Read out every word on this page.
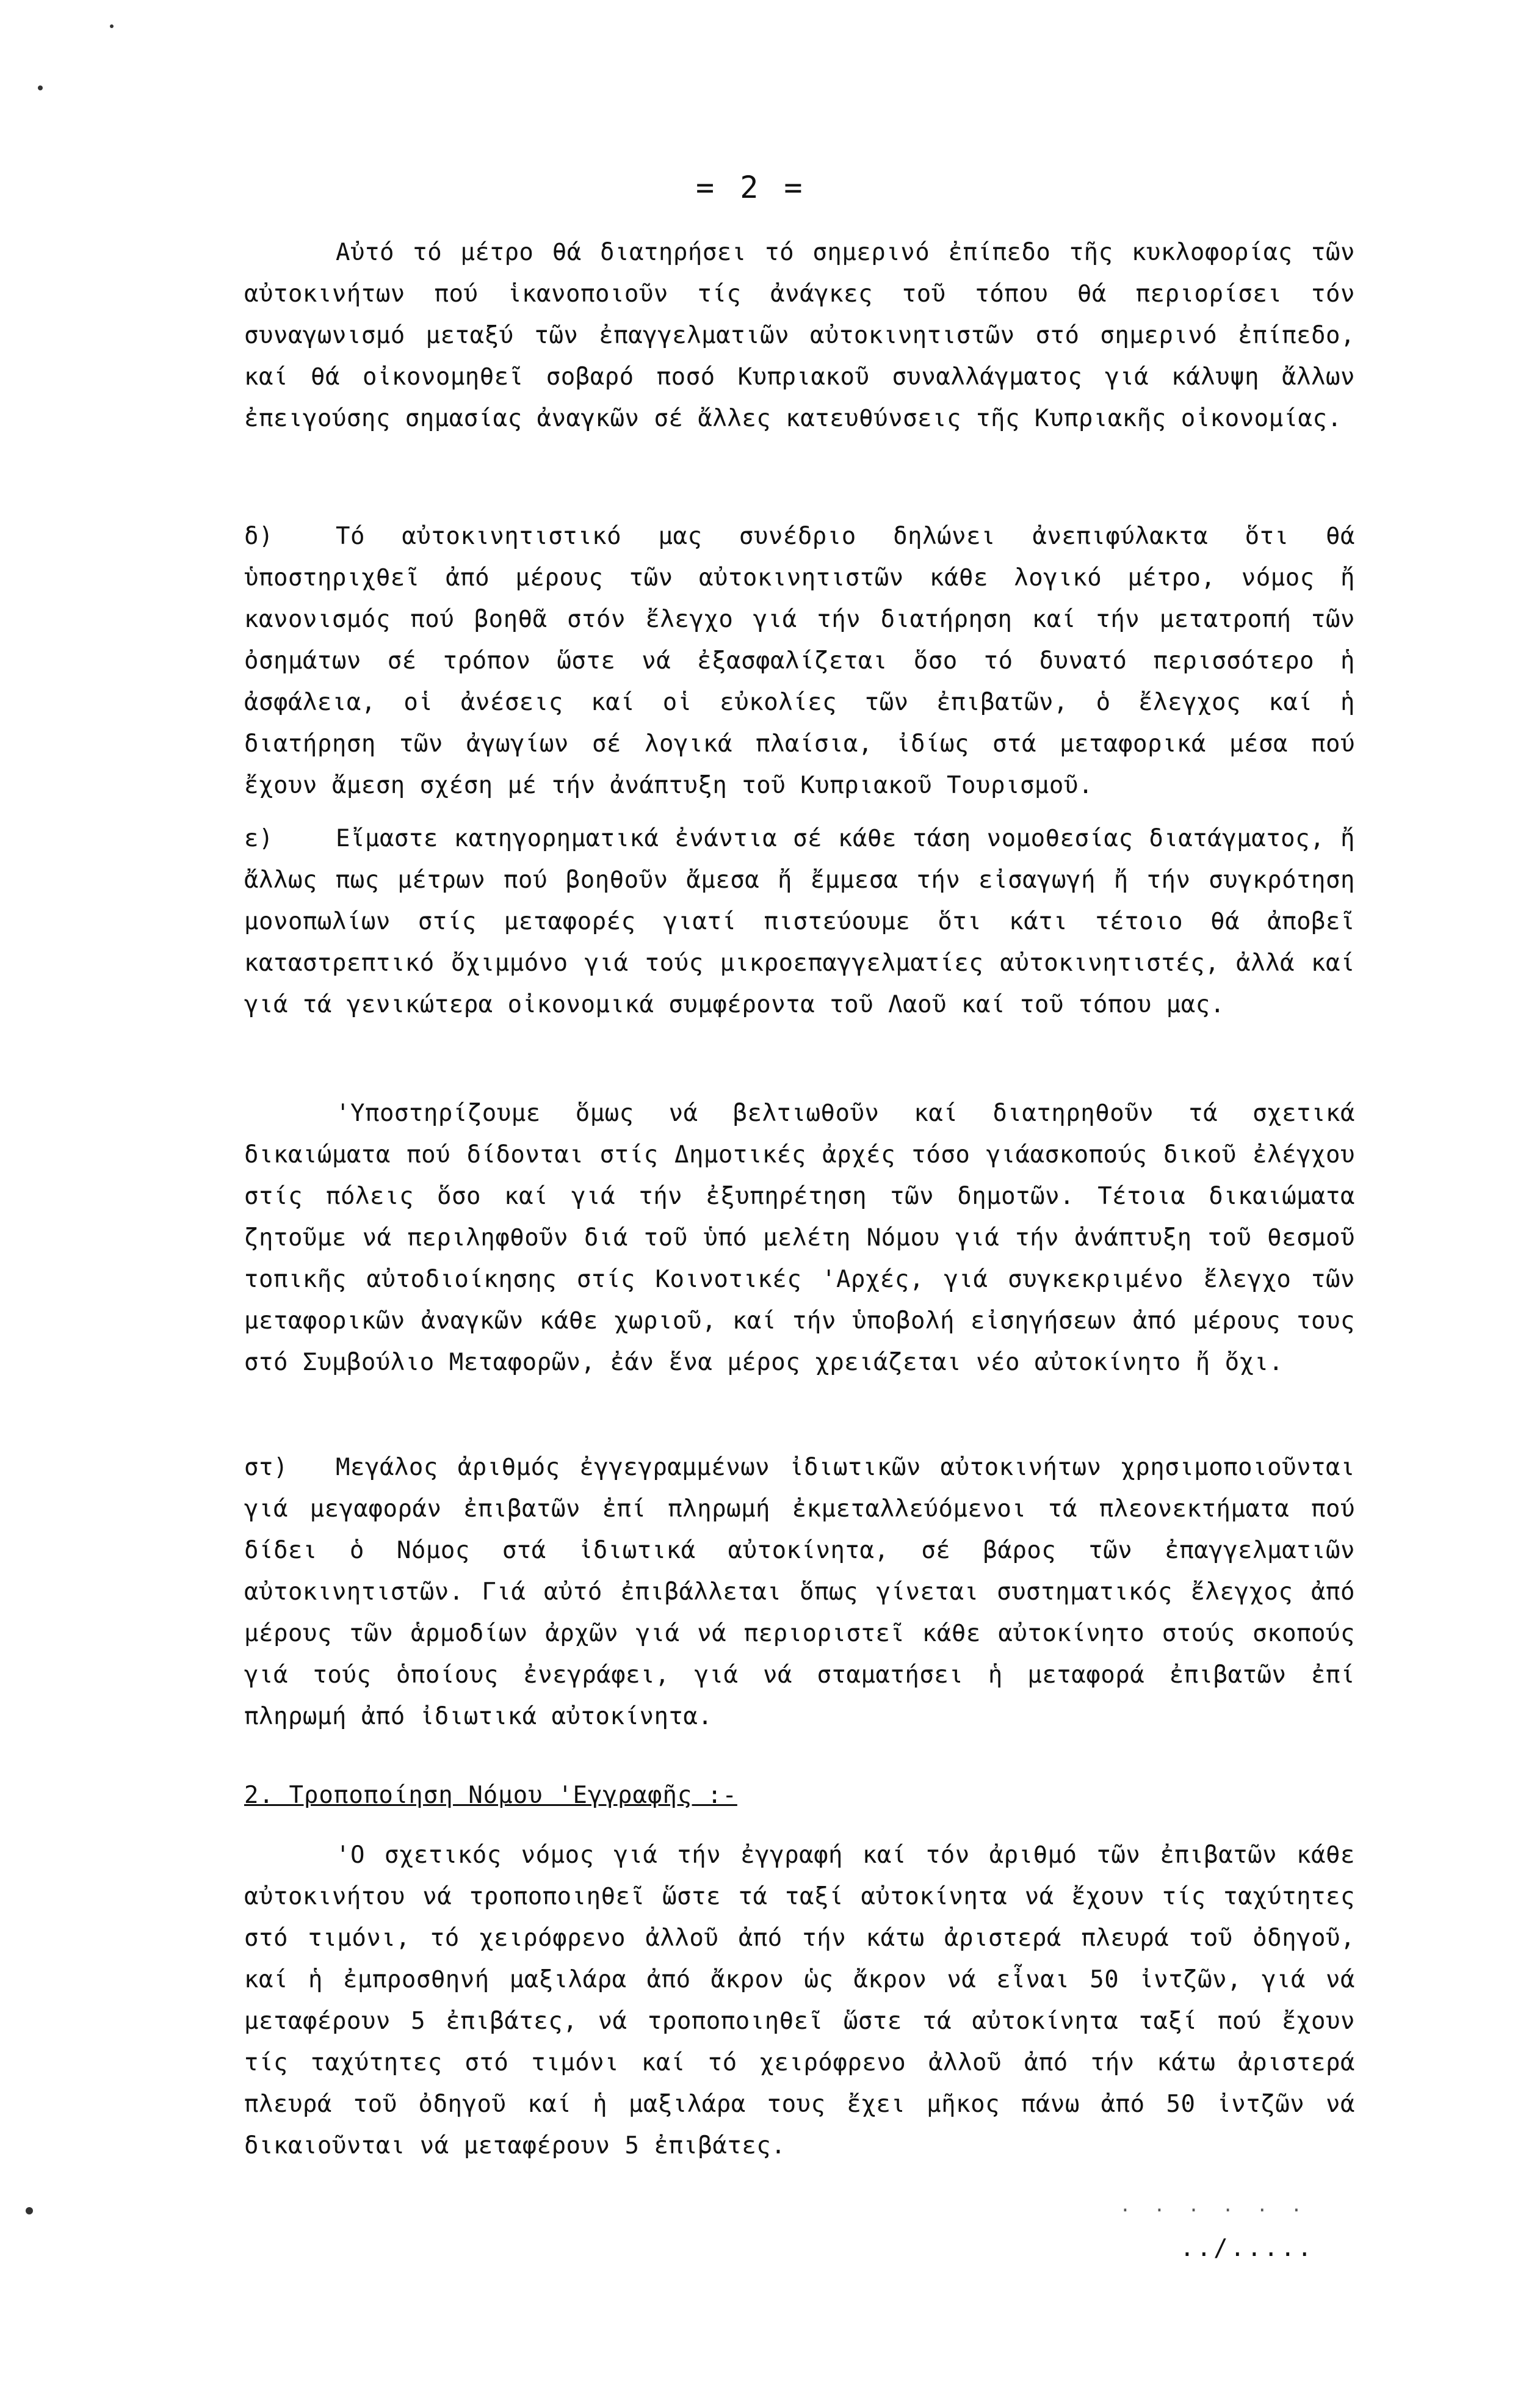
= 2 =
Αὐτό τό μέτρο θά διατηρήσει τό σημερινό ἐπίπεδο τῆς κυκλοφορίας τῶν αὐτοκινήτων πού ἱκανοποιοῦν τίς ἀνάγκες τοῦ τόπου θά περιορίσει τόν συναγωνισμό μεταξύ τῶν ἐπαγγελματιῶν αὐτοκινητιστῶν στό σημερινό ἐπίπεδο, καί θά οἰκονομηθεῖ σοβαρό ποσό Κυπριακοῦ συναλλάγματος γιά κάλυψη ἄλλων ἐπειγούσης σημασίας ἀναγκῶν σέ ἄλλες κατευθύνσεις τῆς Κυπριακῆς οἰκονομίας.
δ)	Τό αὐτοκινητιστικό μας συνέδριο δηλώνει ἀνεπιφύλακτα ὅτι θά ὑποστηριχθεῖ ἀπό μέρους τῶν αὐτοκινητιστῶν κάθε λογικό μέτρο, νόμος ἤ κανονισμός πού βοηθᾶ στόν ἔλεγχο γιά τήν διατήρηση καί τήν μετατροπή τῶν ὀσημάτων σέ τρόπον ὥστε νά ἐξασφαλίζεται ὅσο τό δυνατό περισσότερο ἡ ἀσφάλεια, οἱ ἀνέσεις καί οἱ εὐκολίες τῶν ἐπιβατῶν, ὁ ἔλεγχος καί ἡ διατήρηση τῶν ἀγωγίων σέ λογικά πλαίσια, ἰδίως στά μεταφορικά μέσα πού ἔχουν ἄμεση σχέση μέ τήν ἀνάπτυξη τοῦ Κυπριακοῦ Τουρισμοῦ.
ε)	Εἴμαστε κατηγορηματικά ἐνάντια σέ κάθε τάση νομοθεσίας διατάγματος, ἤ ἄλλως πως μέτρων πού βοηθοῦν ἄμεσα ἤ ἔμμεσα τήν εἰσαγωγή ἤ τήν συγκρότηση μονοπωλίων στίς μεταφορές γιατί πιστεύουμε ὅτι κάτι τέτοιο θά ἀποβεῖ καταστρεπτικό ὄχιμμόνο γιά τούς μικροεπαγγελματίες αὐτοκινητιστές, ἀλλά καί γιά τά γενικώτερα οἰκονομικά συμφέροντα τοῦ Λαοῦ καί τοῦ τόπου μας.
'Υποστηρίζουμε ὅμως νά βελτιωθοῦν καί διατηρηθοῦν τά σχετικά δικαιώματα πού δίδονται στίς Δημοτικές ἀρχές τόσο γιάασκοπούς δικοῦ ἐλέγχου στίς πόλεις ὅσο καί γιά τήν ἐξυπηρέτηση τῶν δημοτῶν. Τέτοια δικαιώματα ζητοῦμε νά περιληφθοῦν διά τοῦ ὑπό μελέτη Νόμου γιά τήν ἀνάπτυξη τοῦ θεσμοῦ τοπικῆς αὐτοδιοίκησης στίς Κοινοτικές 'Αρχές, γιά συγκεκριμένο ἔλεγχο τῶν μεταφορικῶν ἀναγκῶν κάθε χωριοῦ, καί τήν ὑποβολή εἰσηγήσεων ἀπό μέρους τους στό Συμβούλιο Μεταφορῶν, ἐάν ἕνα μέρος χρειάζεται νέο αὐτοκίνητο ἤ ὄχι.
στ) Μεγάλος ἀριθμός ἐγγεγραμμένων ἰδιωτικῶν αὐτοκινήτων χρησιμοποιοῦνται γιά μεγαφοράν ἐπιβατῶν ἐπί πληρωμή ἐκμεταλλεύόμενοι τά πλεονεκτήματα πού δίδει ὁ Νόμος στά ἰδιωτικά αὐτοκίνητα, σέ βάρος τῶν ἐπαγγελματιῶν αὐτοκινητιστῶν. Γιά αὐτό ἐπιβάλλεται ὅπως γίνεται συστηματικός ἔλεγχος ἀπό μέρους τῶν ἁρμοδίων ἀρχῶν γιά νά περιοριστεῖ κάθε αὐτοκίνητο στούς σκοπούς γιά τούς ὁποίους ἐνεγράφει, γιά νά σταματήσει ἡ μεταφορά ἐπιβατῶν ἐπί πληρωμή ἀπό ἰδιωτικά αὐτοκίνητα.
2. Τροποποίηση Νόμου 'Εγγραφῆς :-
'Ο σχετικός νόμος γιά τήν ἐγγραφή καί τόν ἀριθμό τῶν ἐπιβατῶν κάθε αὐτοκινήτου νά τροποποιηθεῖ ὥστε τά ταξί αὐτοκίνητα νά ἔχουν τίς ταχύτητες στό τιμόνι, τό χειρόφρενο ἀλλοῦ ἀπό τήν κάτω ἀριστερά πλευρά τοῦ ὀδηγοῦ, καί ἡ ἐμπροσθηνή μαξιλάρα ἀπό ἄκρον ὡς ἄκρον νά εἶναι 50 ἰντζῶν, γιά νά μεταφέρουν 5 ἐπιβάτες, νά τροποποιηθεῖ ὥστε τά αὐτοκίνητα ταξί πού ἔχουν τίς ταχύτητες στό τιμόνι καί τό χειρόφρενο ἀλλοῦ ἀπό τήν κάτω ἀριστερά πλευρά τοῦ ὀδηγοῦ καί ἡ μαξιλάρα τους ἔχει μῆκος πάνω ἀπό 50 ἰντζῶν νά δικαιοῦνται νά μεταφέρουν 5 ἐπιβάτες.
. . . . . .
../.....
